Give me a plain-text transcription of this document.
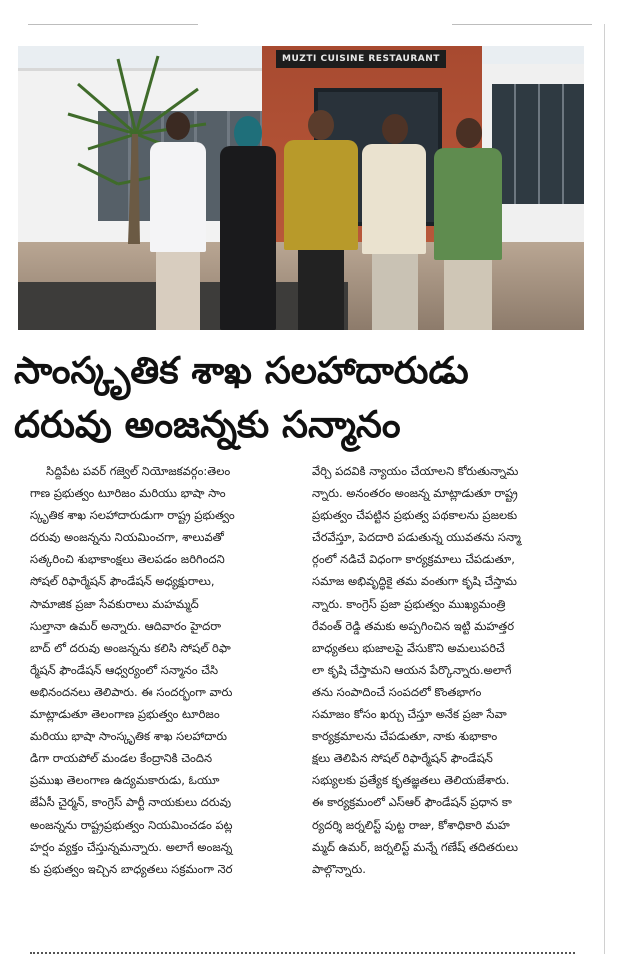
MUZTI CUISINE RESTAURANT
సాంస్కృతిక శాఖ సలహాదారుడు
దరువు అంజన్నకు సన్మానం

సిద్దిపేట పవర్ గజ్వెల్ నియోజకవర్గం:తెలం

గాణ ప్రభుత్వం టూరిజం మరియు భాషా సాం

స్కృతిక శాఖ సలహాదారుడుగా రాష్ట్ర ప్రభుత్వం

దరువు అంజన్నను నియమించగా, శాలువతో

సత్కరించి శుభాకాంక్షలు తెలపడం జరిగిందని

సోషల్ రిఫార్మేషన్ ఫౌండేషన్ అధ్యక్షురాలు,

సామాజిక ప్రజా సేవకురాలు మహమ్మద్

సుల్తానా ఉమర్ అన్నారు. ఆదివారం హైదరా

బాద్ లో దరువు అంజన్నను కలిసి సోషల్ రిఫా

ర్మేషన్ ఫౌండేషన్ ఆధ్వర్యంలో సన్మానం చేసి

అభినందనలు తెలిపారు. ఈ సందర్భంగా వారు

మాట్లాడుతూ తెలంగాణ ప్రభుత్వం టూరిజం

మరియు భాషా సాంస్కృతిక శాఖ సలహాదారు

డిగా రాయపోల్ మండల కేంద్రానికి చెందిన

ప్రముఖ తెలంగాణ ఉద్యమకారుడు, ఓయూ

జేఏసీ చైర్మన్, కాంగ్రెస్ పార్టీ నాయకులు దరువు

అంజన్నను రాష్ట్రప్రభుత్వం నియమించడం పట్ల

హర్షం వ్యక్తం చేస్తున్నమన్నారు. అలాగే అంజన్న

కు ప్రభుత్వం ఇచ్చిన బాధ్యతలు సక్రమంగా నెర

వేర్చి పదవికి న్యాయం చేయాలని కోరుతున్నామ

న్నారు. అనంతరం అంజన్న మాట్లాడుతూ రాష్ట్ర

ప్రభుత్వం చేపట్టిన ప్రభుత్వ పథకాలను ప్రజలకు

చేరవేస్తూ, పెదదారి పడుతున్న యువతను సన్మా

ర్గంలో నడిచే విధంగా కార్యక్రమాలు చేపడుతూ,

సమాజ అభివృద్ధికై తమ వంతుగా కృషి చేస్తామ

న్నారు. కాంగ్రెస్ ప్రజా ప్రభుత్వం ముఖ్యమంత్రి

రేవంత్ రెడ్డి తమకు అప్పగించిన ఇట్టి మహత్తర

బాధ్యతలు భుజాలపై వేసుకొని అమలుపరిచే

లా కృషి చేస్తామని ఆయన పేర్కొన్నారు.అలాగే

తను సంపాదించే సంపదలో కొంతభాగం

సమాజం కోసం ఖర్చు చేస్తూ అనేక ప్రజా సేవా

కార్యక్రమాలను చేపడుతూ, నాకు శుభాకాం

క్షలు తెలిపిన సోషల్ రిఫార్మేషన్ ఫౌండేషన్

సభ్యులకు ప్రత్యేక కృతజ్ఞతలు తెలియజేశారు.

ఈ కార్యక్రమంలో ఎస్ఆర్ ఫౌండేషన్ ప్రధాన కా

ర్యదర్శి జర్నలిస్ట్ పుట్ట రాజు, కోశాధికారి మహ

మ్మద్ ఉమర్, జర్నలిస్ట్ మన్నే గణేష్ తదితరులు

పాల్గొన్నారు.
